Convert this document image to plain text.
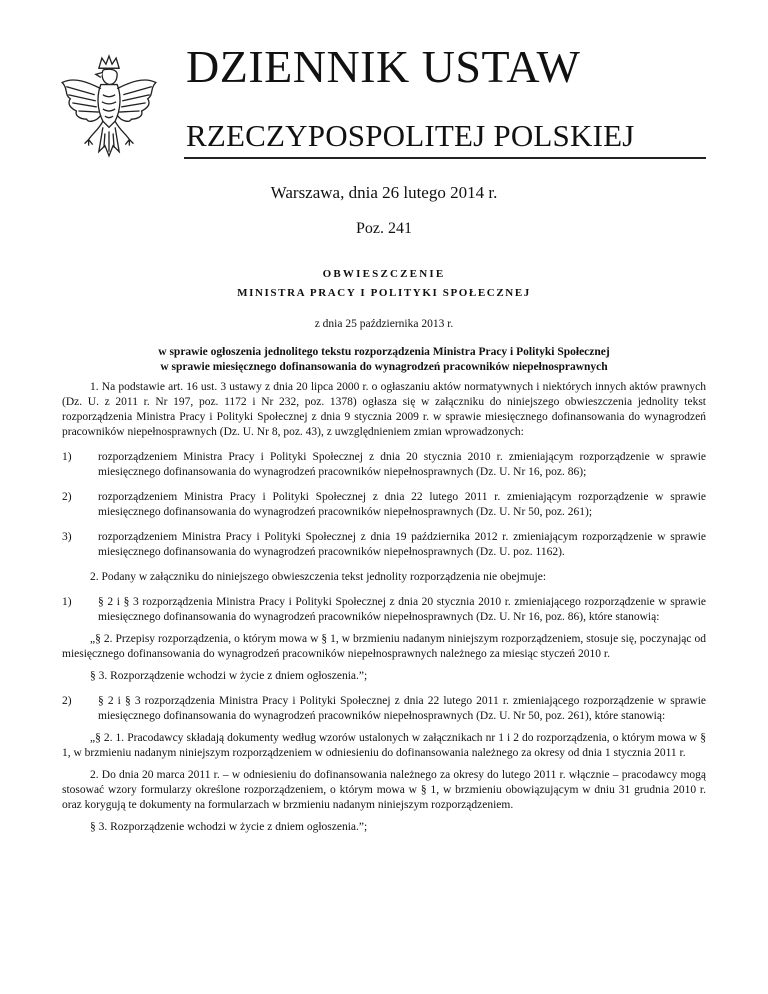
DZIENNIK USTAW
RZECZYPOSPOLITEJ POLSKIEJ
Warszawa, dnia 26 lutego 2014 r.
Poz. 241
OBWIESZCZENIE
MINISTRA PRACY I POLITYKI SPOŁECZNEJ
z dnia 25 października 2013 r.
w sprawie ogłoszenia jednolitego tekstu rozporządzenia Ministra Pracy i Polityki Społecznej
w sprawie miesięcznego dofinansowania do wynagrodzeń pracowników niepełnosprawnych

1. Na podstawie art. 16 ust. 3 ustawy z dnia 20 lipca 2000 r. o ogłaszaniu aktów normatywnych i niektórych innych aktów prawnych (Dz. U. z 2011 r. Nr 197, poz. 1172 i Nr 232, poz. 1378) ogłasza się w załączniku do niniejszego obwieszczenia jednolity tekst rozporządzenia Ministra Pracy i Polityki Społecznej z dnia 9 stycznia 2009 r. w sprawie miesięcznego dofinansowania do wynagrodzeń pracowników niepełnosprawnych (Dz. U. Nr 8, poz. 43), z uwzględnieniem zmian wprowadzonych:

1)	rozporządzeniem Ministra Pracy i Polityki Społecznej z dnia 20 stycznia 2010 r. zmieniającym rozporządzenie w sprawie miesięcznego dofinansowania do wynagrodzeń pracowników niepełnosprawnych (Dz. U. Nr 16, poz. 86);
2)	rozporządzeniem Ministra Pracy i Polityki Społecznej z dnia 22 lutego 2011 r. zmieniającym rozporządzenie w sprawie miesięcznego dofinansowania do wynagrodzeń pracowników niepełnosprawnych (Dz. U. Nr 50, poz. 261);
3)	rozporządzeniem Ministra Pracy i Polityki Społecznej z dnia 19 października 2012 r. zmieniającym rozporządzenie w sprawie miesięcznego dofinansowania do wynagrodzeń pracowników niepełnosprawnych (Dz. U. poz. 1162).

2. Podany w załączniku do niniejszego obwieszczenia tekst jednolity rozporządzenia nie obejmuje:

1)	§ 2 i § 3 rozporządzenia Ministra Pracy i Polityki Społecznej z dnia 20 stycznia 2010 r. zmieniającego rozporządzenie w sprawie miesięcznego dofinansowania do wynagrodzeń pracowników niepełnosprawnych (Dz. U. Nr 16, poz. 86), które stanowią:

„§ 2. Przepisy rozporządzenia, o którym mowa w § 1, w brzmieniu nadanym niniejszym rozporządzeniem, stosuje się, poczynając od miesięcznego dofinansowania do wynagrodzeń pracowników niepełnosprawnych należnego za miesiąc styczeń 2010 r.

§ 3. Rozporządzenie wchodzi w życie z dniem ogłoszenia.”;

2)	§ 2 i § 3 rozporządzenia Ministra Pracy i Polityki Społecznej z dnia 22 lutego 2011 r. zmieniającego rozporządzenie w sprawie miesięcznego dofinansowania do wynagrodzeń pracowników niepełnosprawnych (Dz. U. Nr 50, poz. 261), które stanowią:

„§ 2. 1. Pracodawcy składają dokumenty według wzorów ustalonych w załącznikach nr 1 i 2 do rozporządzenia, o którym mowa w § 1, w brzmieniu nadanym niniejszym rozporządzeniem w odniesieniu do dofinansowania należnego za okresy od dnia 1 stycznia 2011 r.

2. Do dnia 20 marca 2011 r. – w odniesieniu do dofinansowania należnego za okresy do lutego 2011 r. włącznie – pracodawcy mogą stosować wzory formularzy określone rozporządzeniem, o którym mowa w § 1, w brzmieniu obowiązującym w dniu 31 grudnia 2010 r. oraz korygują te dokumenty na formularzach w brzmieniu nadanym niniejszym rozporządzeniem.

§ 3. Rozporządzenie wchodzi w życie z dniem ogłoszenia.”;
